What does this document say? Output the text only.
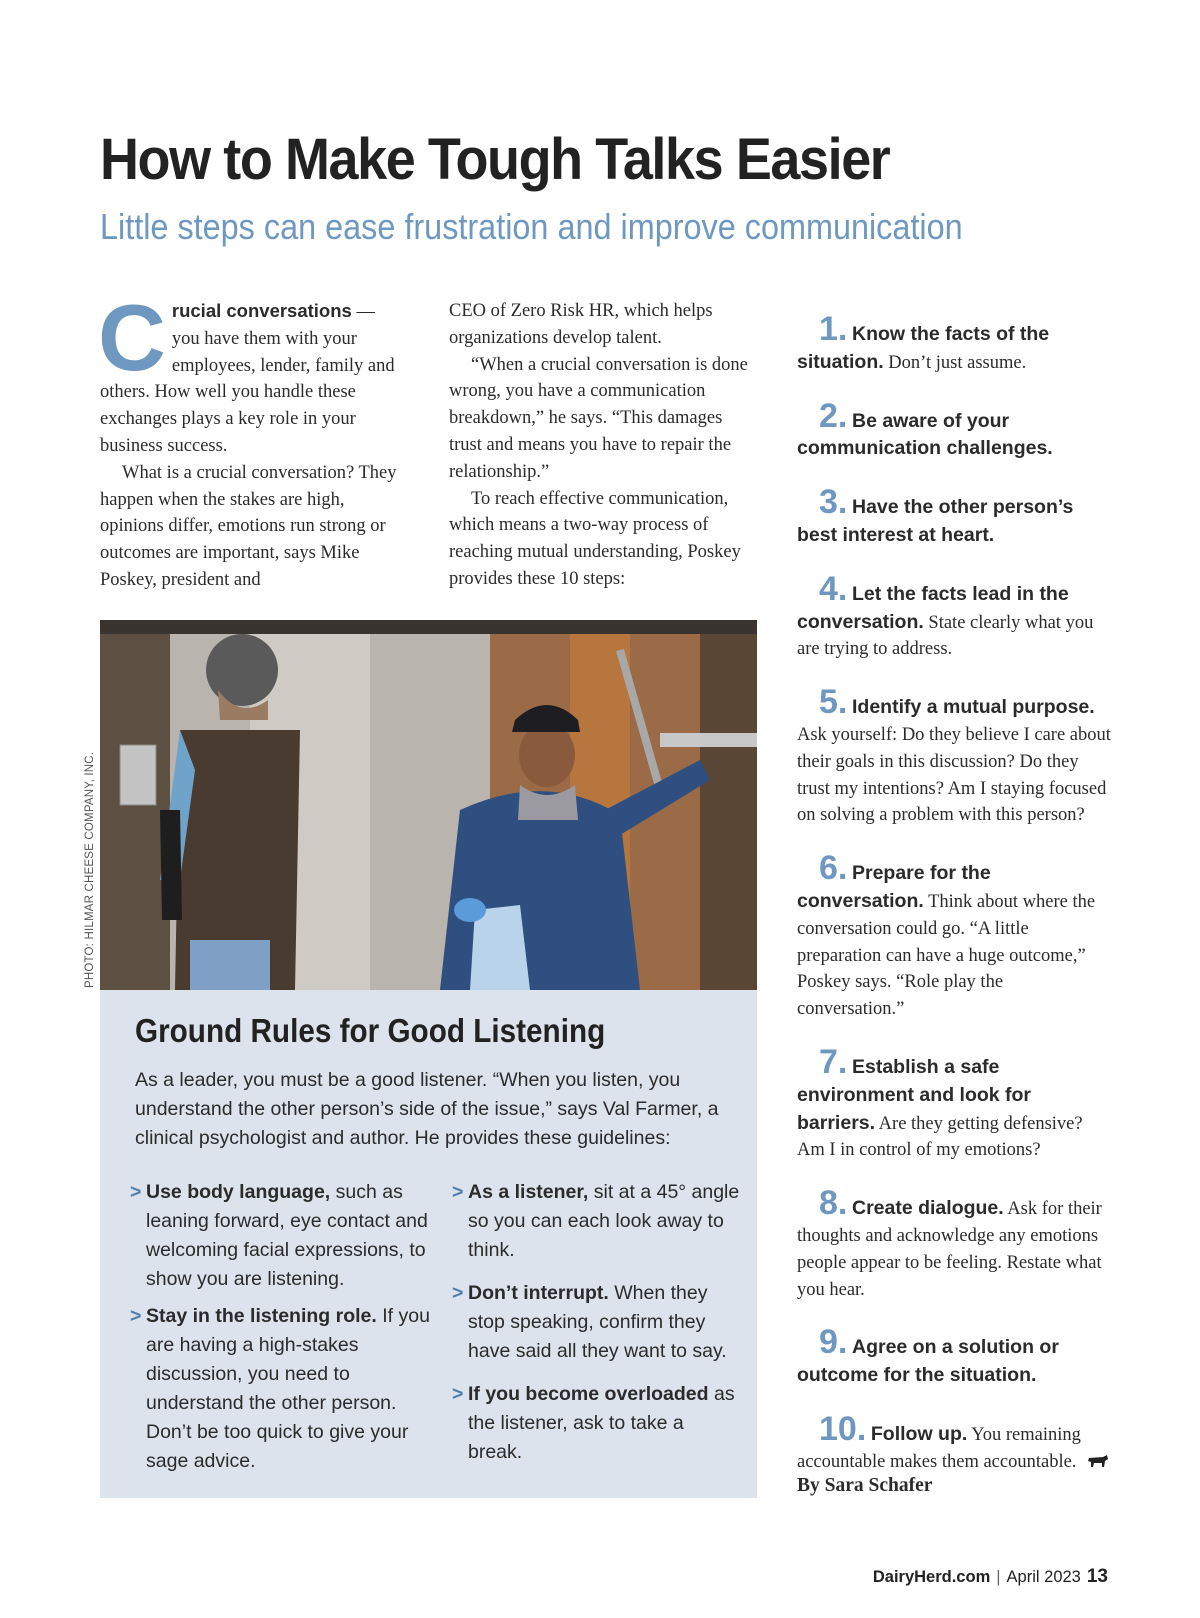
How to Make Tough Talks Easier
Little steps can ease frustration and improve communication

Crucial conversations — you have them with your employees, lender, family and others. How well you handle these exchanges plays a key role in your business success.

What is a crucial conversation? They happen when the stakes are high, opinions differ, emotions run strong or outcomes are important, says Mike Poskey, president and

CEO of Zero Risk HR, which helps organizations develop talent.

“When a crucial conversation is done wrong, you have a communication breakdown,” he says. “This damages trust and means you have to repair the relationship.”

To reach effective communication, which means a two-way process of reaching mutual understanding, Poskey provides these 10 steps:

PHOTO: HILMAR CHEESE COMPANY, INC.
Ground Rules for Good Listening

As a leader, you must be a good listener. “When you listen, you understand the other person’s side of the issue,” says Val Farmer, a clinical psychologist and author. He provides these guidelines:

> Use body language, such as leaning forward, eye contact and welcoming facial expressions, to show you are listening.
> Stay in the listening role. If you are having a high-stakes discussion, you need to understand the other person. Don’t be too quick to give your sage advice.
> As a listener, sit at a 45° angle so you can each look away to think.
> Don’t interrupt. When they stop speaking, confirm they have said all they want to say.
> If you become overloaded as the listener, ask to take a break.

1. Know the facts of the situation. Don’t just assume.

2. Be aware of your communication challenges.

3. Have the other person’s best interest at heart.

4. Let the facts lead in the conversation. State clearly what you are trying to address.

5. Identify a mutual purpose. Ask yourself: Do they believe I care about their goals in this discussion? Do they trust my intentions? Am I staying focused on solving a problem with this person?

6. Prepare for the conversation. Think about where the conversation could go. “A little preparation can have a huge outcome,” Poskey says. “Role play the conversation.”

7. Establish a safe environment and look for barriers. Are they getting defensive? Am I in control of my emotions?

8. Create dialogue. Ask for their thoughts and acknowledge any emotions people appear to be feeling. Restate what you hear.

9. Agree on a solution or outcome for the situation.

10. Follow up. You remaining accountable makes them accountable.

By Sara Schafer
DairyHerd.com | April 2023 13
